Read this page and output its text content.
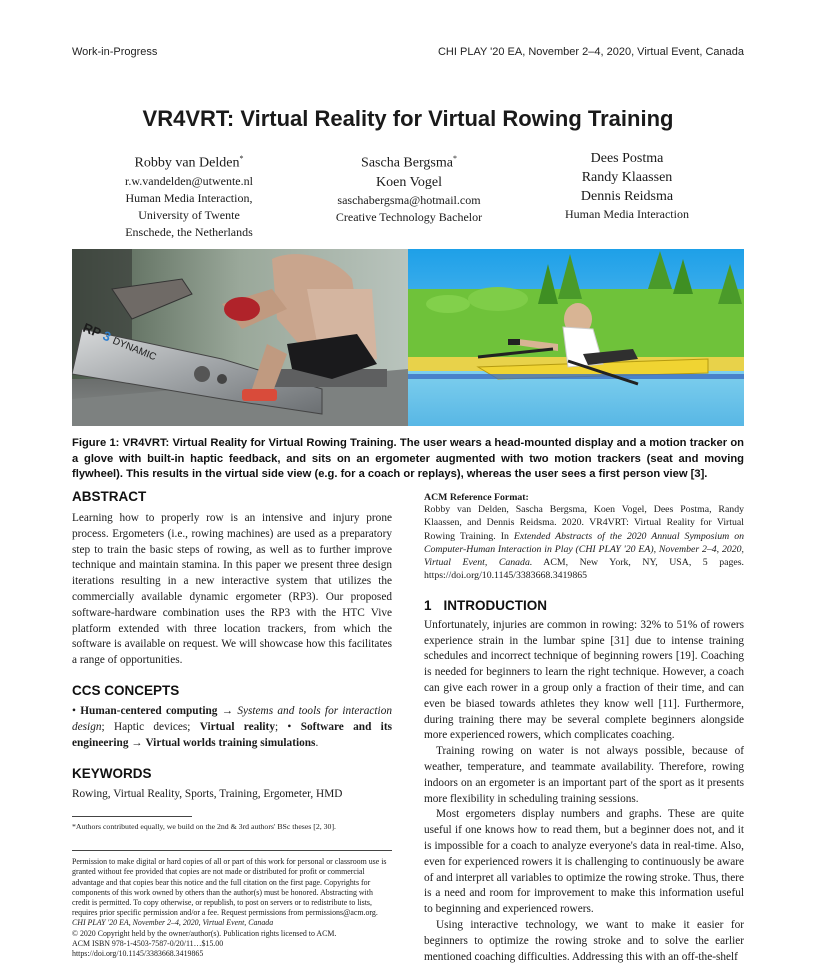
Work-in-Progress	CHI PLAY '20 EA, November 2–4, 2020, Virtual Event, Canada
VR4VRT: Virtual Reality for Virtual Rowing Training
Robby van Delden*
r.w.vandelden@utwente.nl
Human Media Interaction,
University of Twente
Enschede, the Netherlands
Sascha Bergsma*
Koen Vogel
saschabergsma@hotmail.com
Creative Technology Bachelor
Dees Postma
Randy Klaassen
Dennis Reidsma
Human Media Interaction
RP 3 DYNAMIC
Figure 1: VR4VRT: Virtual Reality for Virtual Rowing Training. The user wears a head-mounted display and a motion tracker on a glove with built-in haptic feedback, and sits on an ergometer augmented with two motion trackers (seat and moving flywheel). This results in the virtual side view (e.g. for a coach or replays), whereas the user sees a first person view [3].
ABSTRACT

Learning how to properly row is an intensive and injury prone process. Ergometers (i.e., rowing machines) are used as a preparatory step to train the basic steps of rowing, as well as to further improve technique and maintain stamina. In this paper we present three design iterations resulting in a new interactive system that utilizes the commercially available dynamic ergometer (RP3). Our proposed software-hardware combination uses the RP3 with the HTC Vive platform extended with three location trackers, from which the software is available on request. We will showcase how this facilitates a range of opportunities.

CCS CONCEPTS

• Human-centered computing → Systems and tools for interaction design; Haptic devices; Virtual reality; • Software and its engineering → Virtual worlds training simulations.

KEYWORDS

Rowing, Virtual Reality, Sports, Training, Ergometer, HMD

*Authors contributed equally, we build on the 2nd & 3rd authors' BSc theses [2, 30].
Permission to make digital or hard copies of all or part of this work for personal or classroom use is granted without fee provided that copies are not made or distributed for profit or commercial advantage and that copies bear this notice and the full citation on the first page. Copyrights for components of this work owned by others than the author(s) must be honored. Abstracting with credit is permitted. To copy otherwise, or republish, to post on servers or to redistribute to lists, requires prior specific permission and/or a fee. Request permissions from permissions@acm.org.
CHI PLAY '20 EA, November 2–4, 2020, Virtual Event, Canada
© 2020 Copyright held by the owner/author(s). Publication rights licensed to ACM.
ACM ISBN 978-1-4503-7587-0/20/11…$15.00
https://doi.org/10.1145/3383668.3419865
ACM Reference Format:
Robby van Delden, Sascha Bergsma, Koen Vogel, Dees Postma, Randy Klaassen, and Dennis Reidsma. 2020. VR4VRT: Virtual Reality for Virtual Rowing Training. In Extended Abstracts of the 2020 Annual Symposium on Computer-Human Interaction in Play (CHI PLAY '20 EA), November 2–4, 2020, Virtual Event, Canada. ACM, New York, NY, USA, 5 pages. https://doi.org/10.1145/3383668.3419865
1 INTRODUCTION

Unfortunately, injuries are common in rowing: 32% to 51% of rowers experience strain in the lumbar spine [31] due to intense training schedules and incorrect technique of beginning rowers [19]. Coaching is needed for beginners to learn the right technique. However, a coach can give each rower in a group only a fraction of their time, and can even be biased towards athletes they know well [11]. Furthermore, during training there may be several complete beginners alongside more experienced rowers, which complicates coaching.

Training rowing on water is not always possible, because of weather, temperature, and teammate availability. Therefore, rowing indoors on an ergometer is an important part of the sport as it presents more flexibility in scheduling training sessions.

Most ergometers display numbers and graphs. These are quite useful if one knows how to read them, but a beginner does not, and it is impossible for a coach to analyze everyone's data in real-time. Also, even for experienced rowers it is challenging to continuously be aware of and interpret all variables to optimize the rowing stroke. Thus, there is a need and room for improvement to make this information useful to beginning and experienced rowers.

Using interactive technology, we want to make it easier for beginners to optimize the rowing stroke and to solve the earlier mentioned coaching difficulties. Addressing this with an off-the-shelf
